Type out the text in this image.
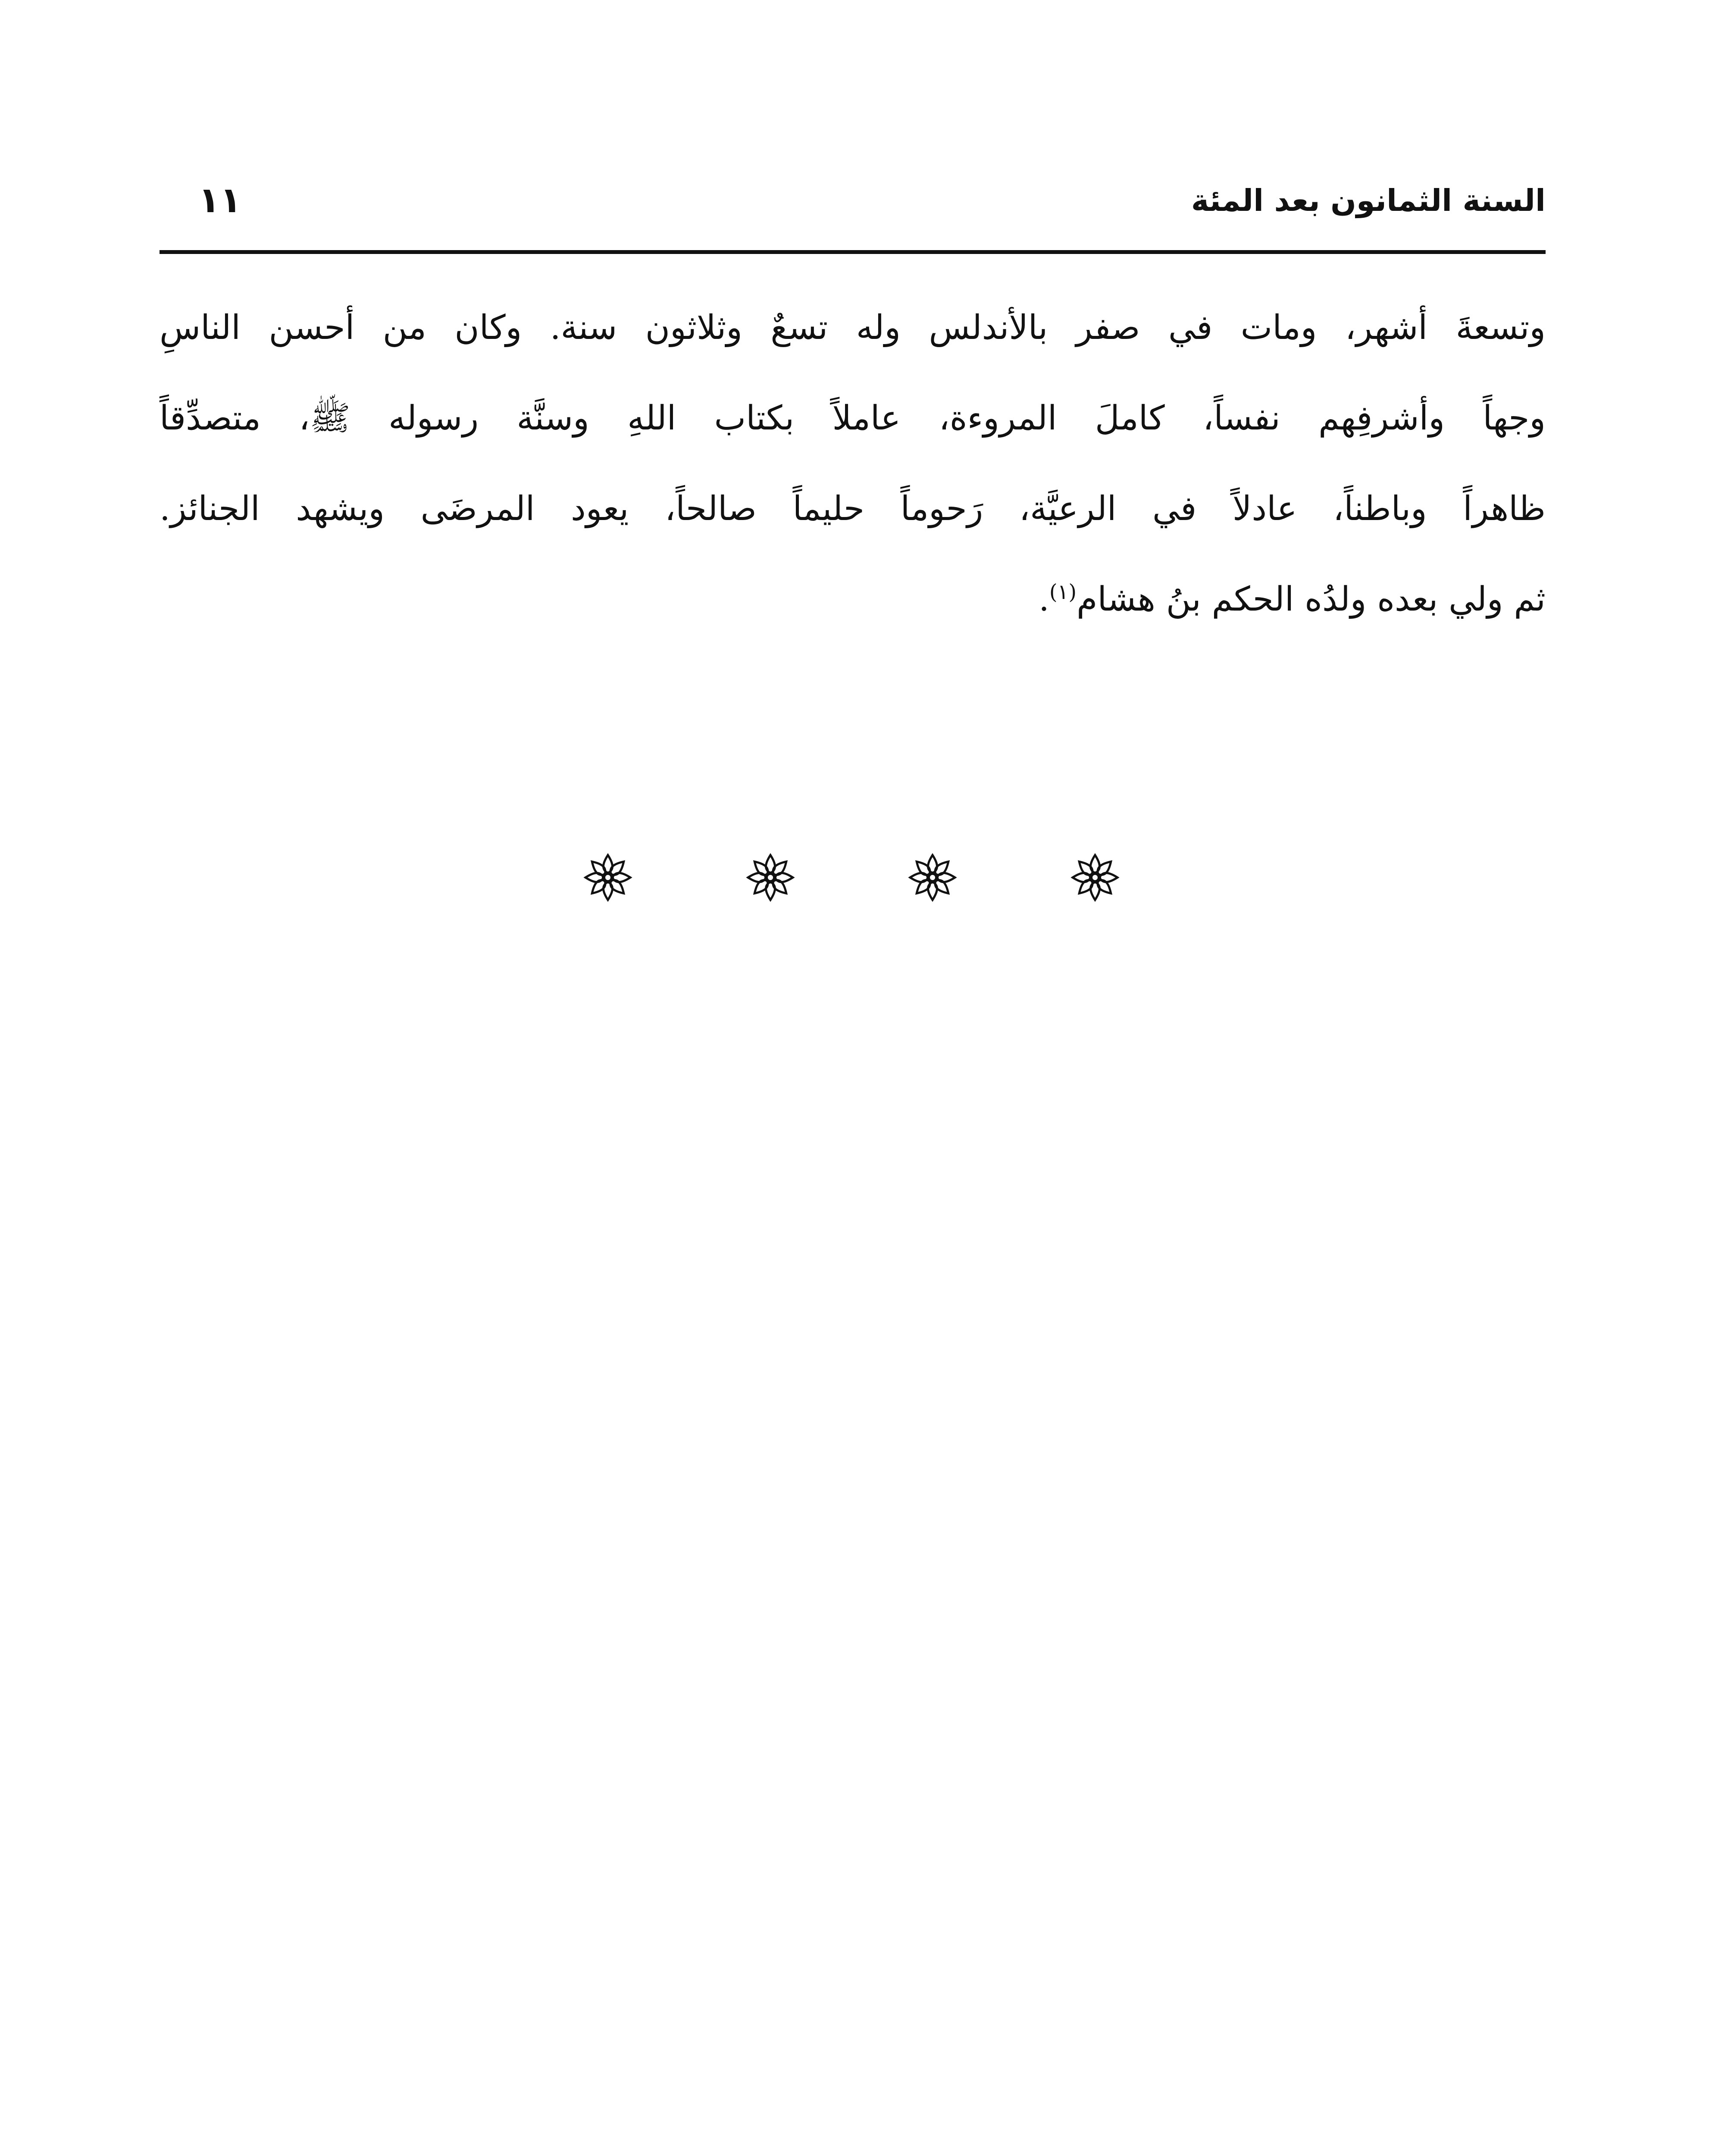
السنة الثمانون بعد المئة
١١
وتسعةَ أشهر، ومات في صفر بالأندلس وله تسعٌ وثلاثون سنة. وكان من أحسن الناسِ
وجهاً وأشرفِهم نفساً، كاملَ المروءة، عاملاً بكتاب اللهِ وسنَّة رسوله ﷺ، متصدِّقاً
ظاهراً وباطناً، عادلاً في الرعيَّة، رَحوماً حليماً صالحاً، يعود المرضَى ويشهد الجنائز.
ثم ولي بعده ولدُه الحكم بنُ هشام$^{(١)}$.
